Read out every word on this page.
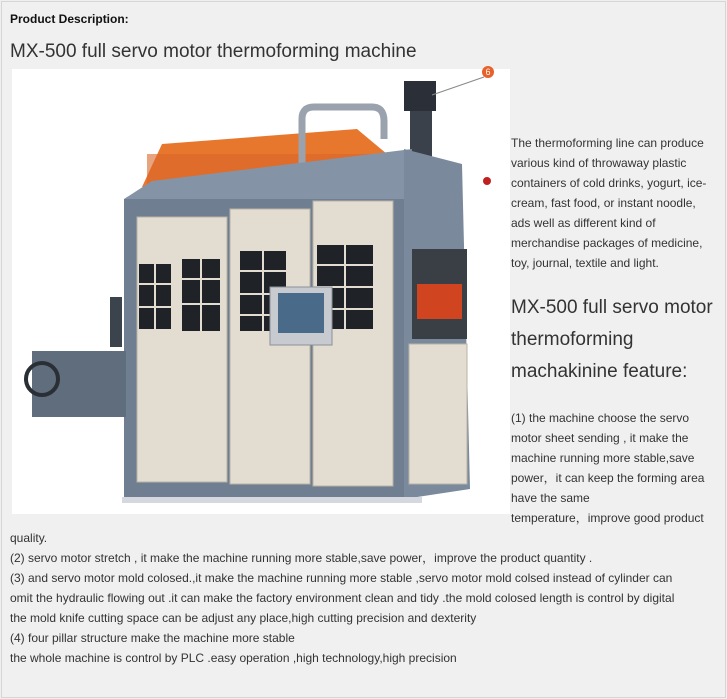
Product Description:
MX-500 full servo motor thermoforming machine
6

The thermoforming line can produce

various kind of throwaway plastic

containers of cold drinks, yogurt, ice-

cream, fast food, or instant noodle,

ads well as different kind of

merchandise packages of medicine,

toy, journal, textile and light.

MX-500 full servo motor
thermoforming
machakinine feature:
(1) the machine choose the servo
motor sheet sending , it make the
machine running more stable,save
power，it can keep the forming area
have the same
temperature，improve good product
quality.
(2) servo motor stretch , it make the machine running more stable,save power，improve the product quantity .
(3) and servo motor mold colosed.,it make the machine running more stable ,servo motor mold colsed instead of cylinder can
omit the hydraulic flowing out .it can make the factory environment clean and tidy .the mold colosed length is control by digital
the mold knife cutting space can be adjust any place,high cutting precision and dexterity
(4) four pillar structure make the machine more stable
the whole machine is control by PLC .easy operation ,high technology,high precision
